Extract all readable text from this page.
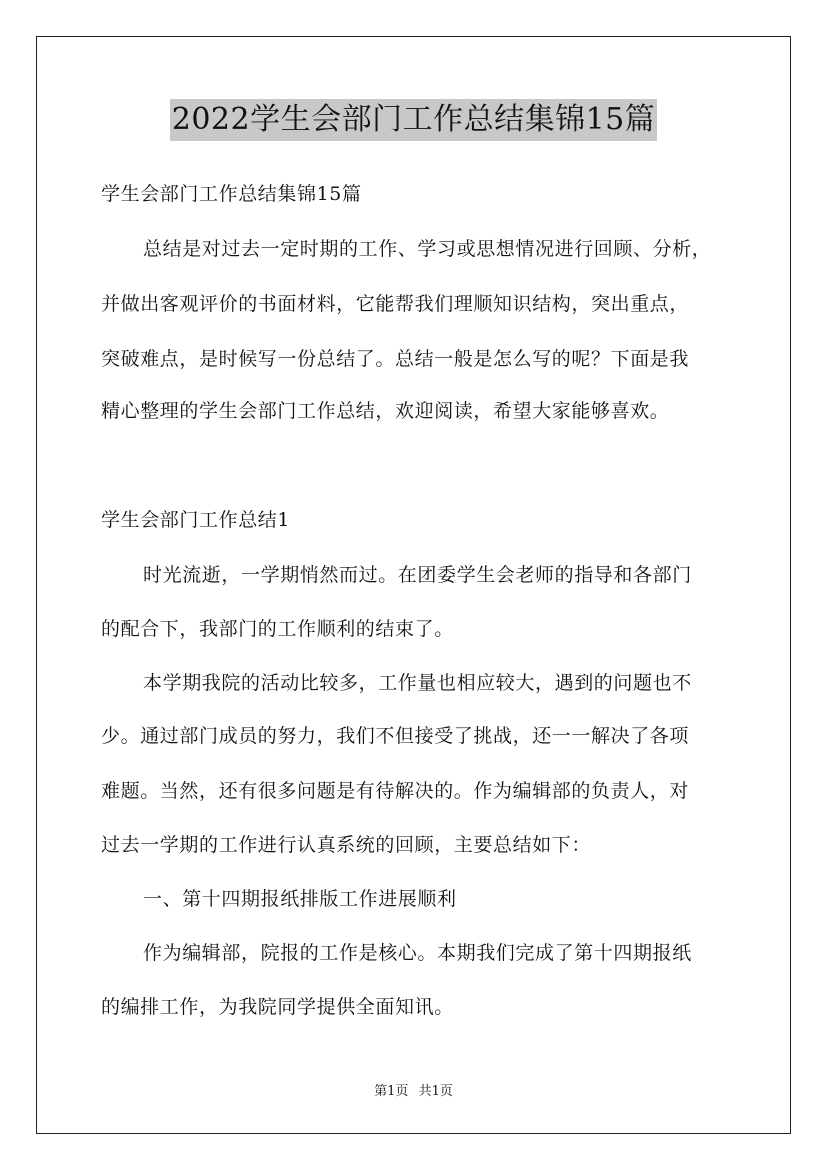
2022学生会部门工作总结集锦15篇
学生会部门工作总结集锦15篇
总结是对过去一定时期的工作、学习或思想情况进行回顾、分析，
并做出客观评价的书面材料，它能帮我们理顺知识结构，突出重点，
突破难点，是时候写一份总结了。总结一般是怎么写的呢？下面是我
精心整理的学生会部门工作总结，欢迎阅读，希望大家能够喜欢。
学生会部门工作总结1
时光流逝，一学期悄然而过。在团委学生会老师的指导和各部门
的配合下，我部门的工作顺利的结束了。
本学期我院的活动比较多，工作量也相应较大，遇到的问题也不
少。通过部门成员的努力，我们不但接受了挑战，还一一解决了各项
难题。当然，还有很多问题是有待解决的。作为编辑部的负责人，对
过去一学期的工作进行认真系统的回顾，主要总结如下：
一、第十四期报纸排版工作进展顺利
作为编辑部，院报的工作是核心。本期我们完成了第十四期报纸
的编排工作，为我院同学提供全面知讯。
第1页 共1页
